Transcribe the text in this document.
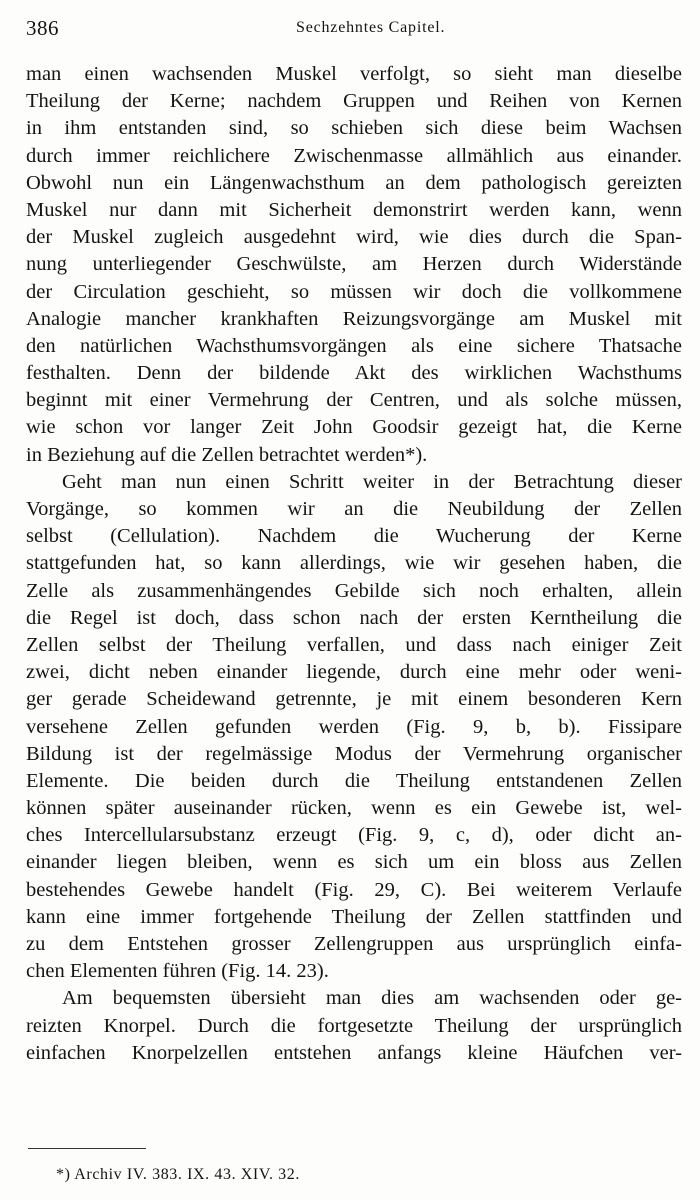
386	Sechzehntes Capitel.
man einen wachsenden Muskel verfolgt, so sieht man dieselbe
Theilung der Kerne; nachdem Gruppen und Reihen von Kernen
in ihm entstanden sind, so schieben sich diese beim Wachsen
durch immer reichlichere Zwischenmasse allmählich aus einander.
Obwohl nun ein Längenwachsthum an dem pathologisch gereizten
Muskel nur dann mit Sicherheit demonstrirt werden kann, wenn
der Muskel zugleich ausgedehnt wird, wie dies durch die Span-
nung unterliegender Geschwülste, am Herzen durch Widerstände
der Circulation geschieht, so müssen wir doch die vollkommene
Analogie mancher krankhaften Reizungsvorgänge am Muskel mit
den natürlichen Wachsthumsvorgängen als eine sichere Thatsache
festhalten. Denn der bildende Akt des wirklichen Wachsthums
beginnt mit einer Vermehrung der Centren, und als solche müssen,
wie schon vor langer Zeit John Goodsir gezeigt hat, die Kerne
in Beziehung auf die Zellen betrachtet werden*).
Geht man nun einen Schritt weiter in der Betrachtung dieser
Vorgänge, so kommen wir an die Neubildung der Zellen
selbst (Cellulation). Nachdem die Wucherung der Kerne
stattgefunden hat, so kann allerdings, wie wir gesehen haben, die
Zelle als zusammenhängendes Gebilde sich noch erhalten, allein
die Regel ist doch, dass schon nach der ersten Kerntheilung die
Zellen selbst der Theilung verfallen, und dass nach einiger Zeit
zwei, dicht neben einander liegende, durch eine mehr oder weni-
ger gerade Scheidewand getrennte, je mit einem besonderen Kern
versehene Zellen gefunden werden (Fig. 9, b, b). Fissipare
Bildung ist der regelmässige Modus der Vermehrung organischer
Elemente. Die beiden durch die Theilung entstandenen Zellen
können später auseinander rücken, wenn es ein Gewebe ist, wel-
ches Intercellularsubstanz erzeugt (Fig. 9, c, d), oder dicht an-
einander liegen bleiben, wenn es sich um ein bloss aus Zellen
bestehendes Gewebe handelt (Fig. 29, C). Bei weiterem Verlaufe
kann eine immer fortgehende Theilung der Zellen stattfinden und
zu dem Entstehen grosser Zellengruppen aus ursprünglich einfa-
chen Elementen führen (Fig. 14. 23).
Am bequemsten übersieht man dies am wachsenden oder ge-
reizten Knorpel. Durch die fortgesetzte Theilung der ursprünglich
einfachen Knorpelzellen entstehen anfangs kleine Häufchen ver-
*) Archiv IV. 383. IX. 43. XIV. 32.
